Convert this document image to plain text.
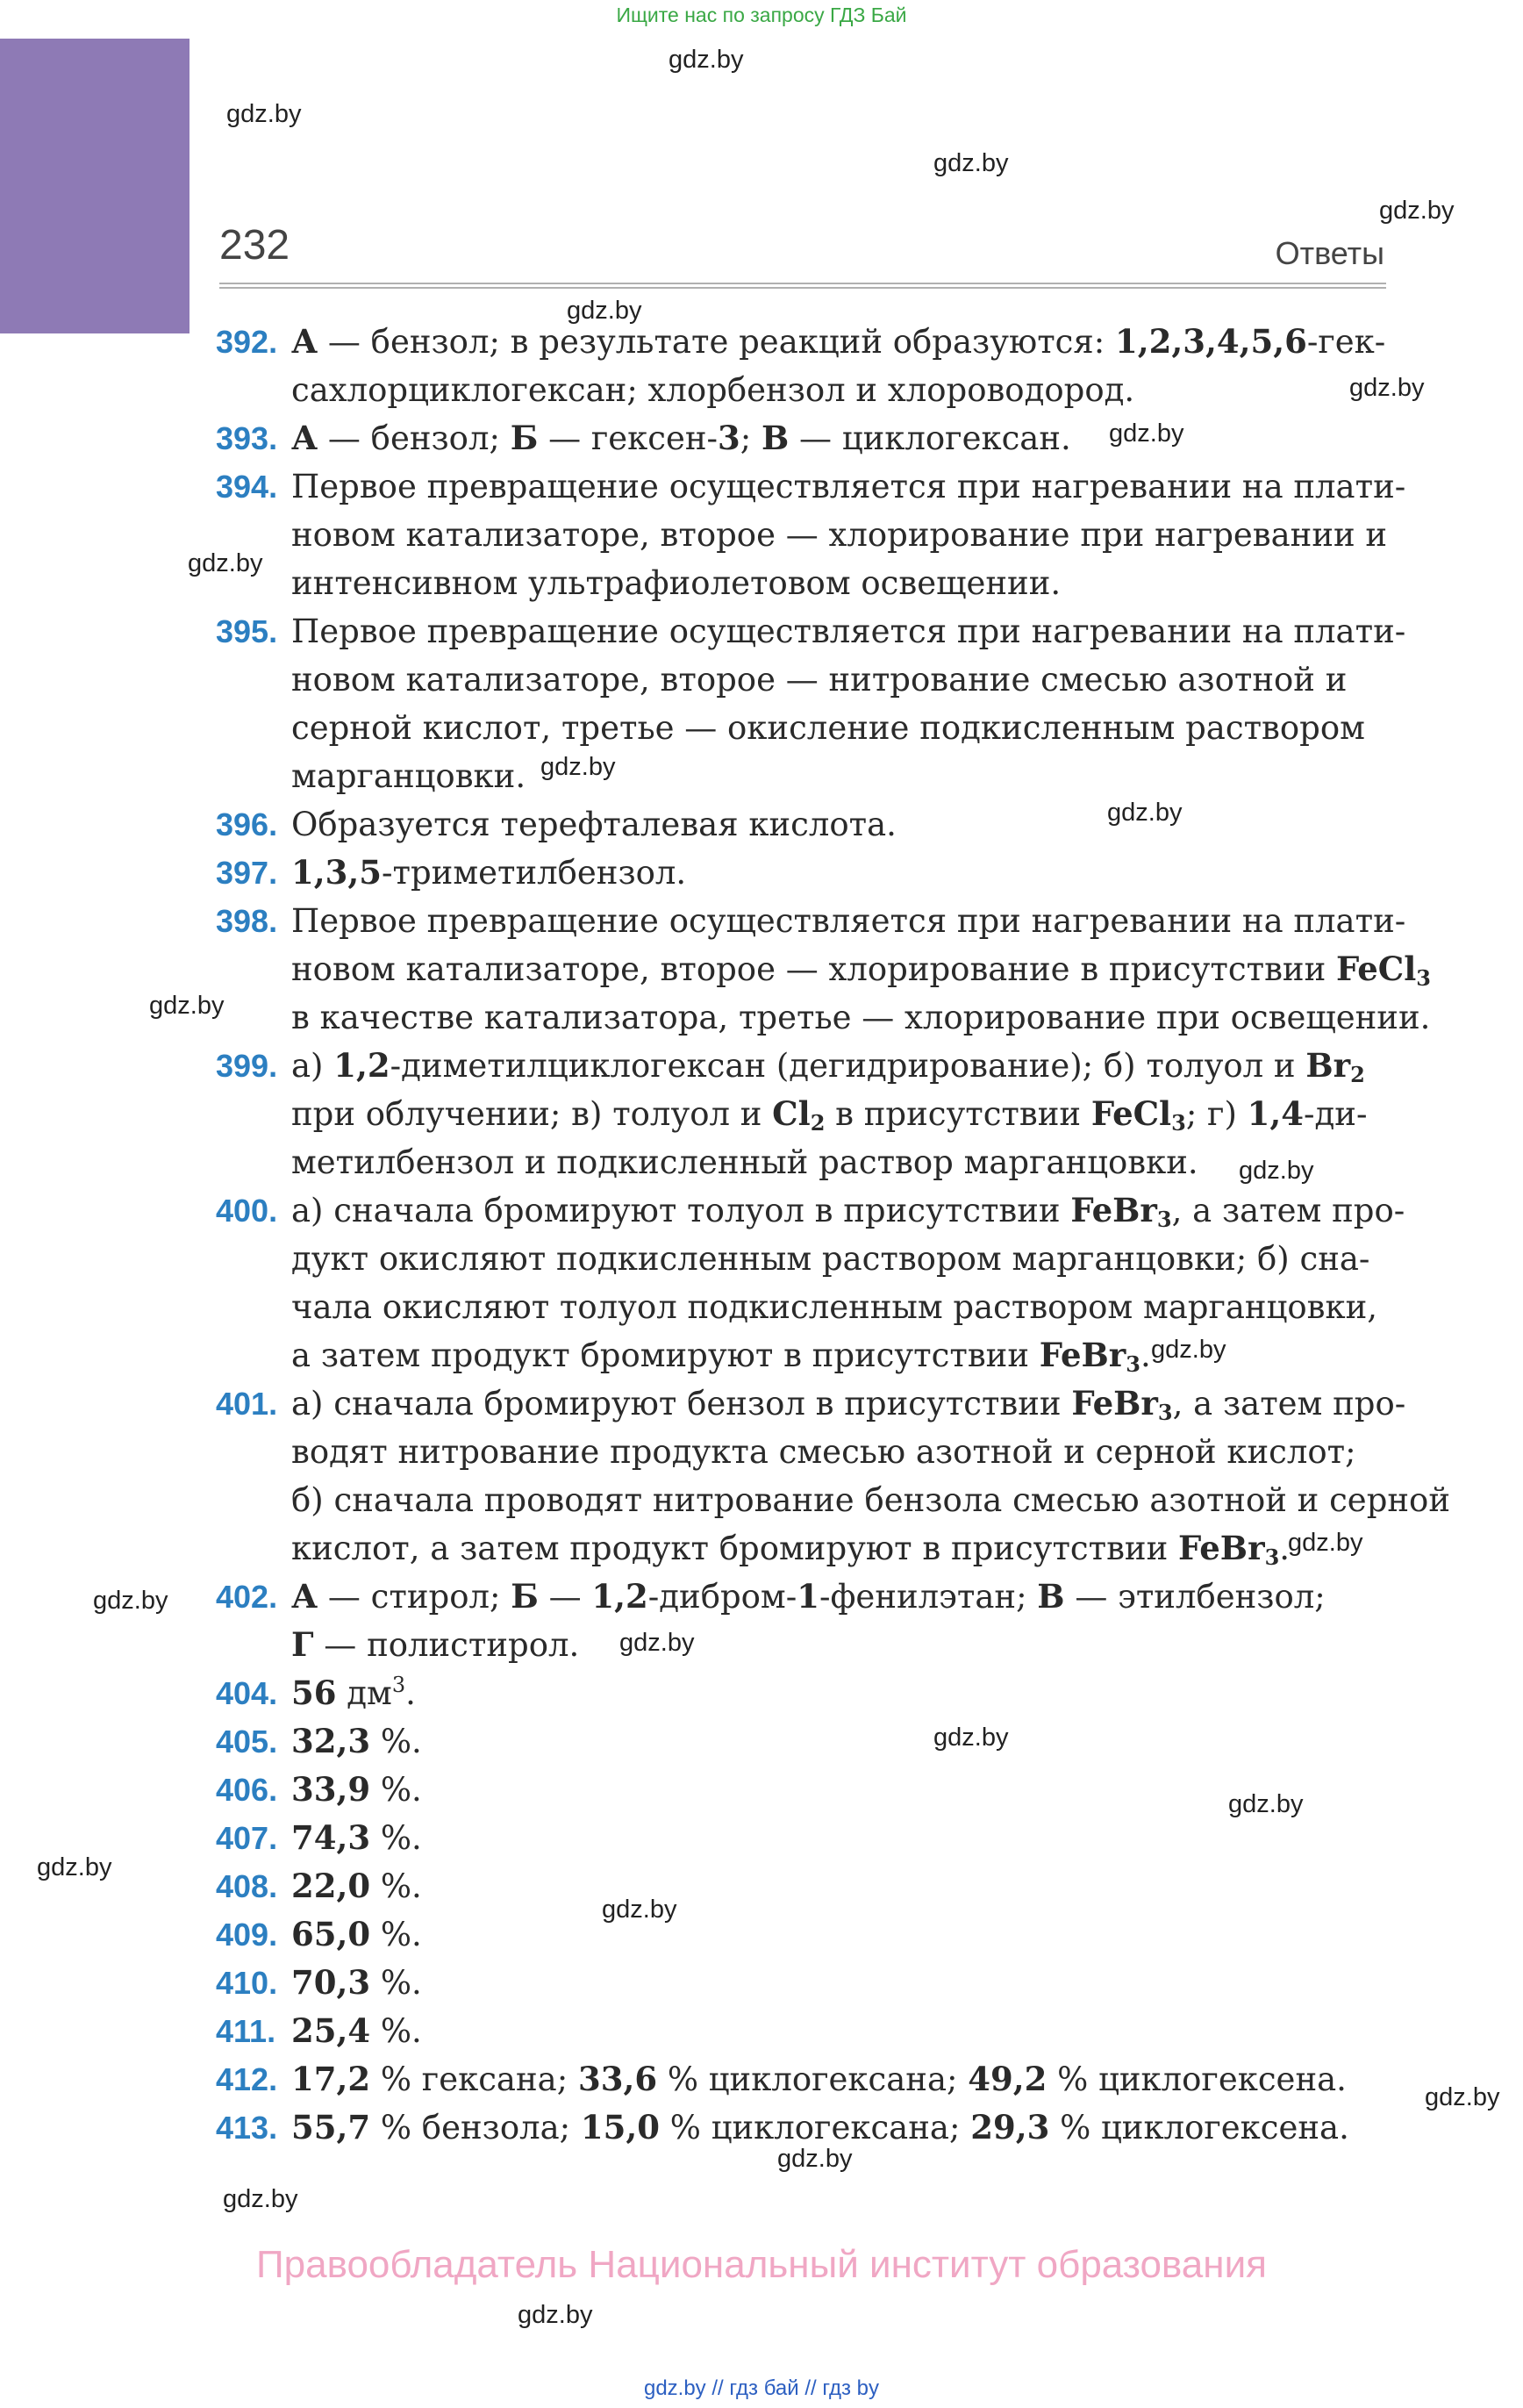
Ищите нас по запросу ГДЗ Бай
232	Ответы
gdz.by
gdz.by
gdz.by
gdz.by
gdz.by
gdz.by
gdz.by
gdz.by
gdz.by
gdz.by
gdz.by
gdz.by
gdz.by
gdz.by
gdz.by
gdz.by
gdz.by
gdz.by
gdz.by
gdz.by
gdz.by
gdz.by
gdz.by
gdz.by
392. А — бензол; в результате реакций образуются: 1,2,3,4,5,6-гек-
сахлорциклогексан; хлорбензол и хлороводород.
393. А — бензол; Б — гексен-3; В — циклогексан.
394. Первое превращение осуществляется при нагревании на плати-
новом катализаторе, второе — хлорирование при нагревании и
интенсивном ультрафиолетовом освещении.
395. Первое превращение осуществляется при нагревании на плати-
новом катализаторе, второе — нитрование смесью азотной и
серной кислот, третье — окисление подкисленным раствором
марганцовки.
396. Образуется терефталевая кислота.
397. 1,3,5-триметилбензол.
398. Первое превращение осуществляется при нагревании на плати-
новом катализаторе, второе — хлорирование в присутствии FeCl$_3$
в качестве катализатора, третье — хлорирование при освещении.
399. а) 1,2-диметилциклогексан (дегидрирование); б) толуол и $Br_2$
при облучении; в) толуол и $Cl_2$ в присутствии FeCl$_3$; г) 1,4-ди-
метилбензол и подкисленный раствор марганцовки.
400. а) сначала бромируют толуол в присутствии FeBr$_3$, а затем про-
дукт окисляют подкисленным раствором марганцовки; б) сна-
чала окисляют толуол подкисленным раствором марганцовки,
а затем продукт бромируют в присутствии FeBr$_3$.
401. а) сначала бромируют бензол в присутствии FeBr$_3$, а затем про-
водят нитрование продукта смесью азотной и серной кислот;
б) сначала проводят нитрование бензола смесью азотной и серной
кислот, а затем продукт бромируют в присутствии FeBr$_3$.
402. А — стирол; Б — 1,2-дибром-1-фенилэтан; В — этилбензол;
Г — полистирол.
404. 56 $дм^3$.
405. 32,3 %.
406. 33,9 %.
407. 74,3 %.
408. 22,0 %.
409. 65,0 %.
410. 70,3 %.
411. 25,4 %.
412. 17,2 % гексана; 33,6 % циклогексана; 49,2 % циклогексена.
413. 55,7 % бензола; 15,0 % циклогексана; 29,3 % циклогексена.
Правообладатель Национальный институт образования
gdz.by // гдз бай // гдз by
